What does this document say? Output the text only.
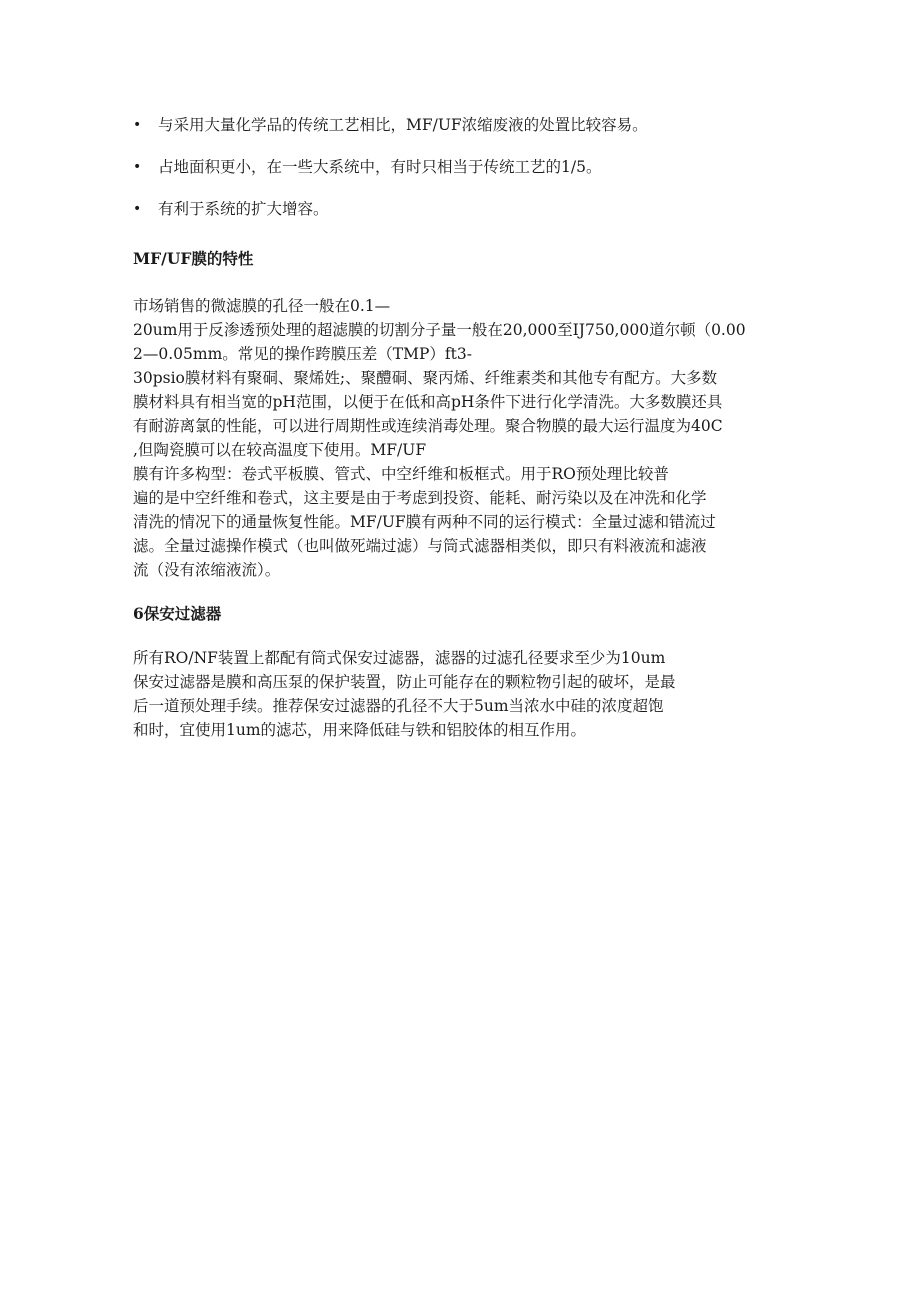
• 与采用大量化学品的传统工艺相比，MF/UF浓缩废液的处置比较容易。
• 占地面积更小，在一些大系统中，有时只相当于传统工艺的1/5。
• 有利于系统的扩大增容。
MF/UF膜的特性
市场销售的微滤膜的孔径一般在0.1—
20um用于反渗透预处理的超滤膜的切割分子量一般在20,000至IJ750,000道尔顿（0.00
2—0.05mm。常见的操作跨膜压差（TMP）ft3-
30psio膜材料有聚硐、聚烯姓;、聚醴硐、聚丙烯、纤维素类和其他专有配方。大多数
膜材料具有相当宽的pH范围，以便于在低和高pH条件下进行化学清洗。大多数膜还具
有耐游离氯的性能，可以进行周期性或连续消毒处理。聚合物膜的最大运行温度为40C
,但陶瓷膜可以在较高温度下使用。MF/UF
膜有许多构型：卷式平板膜、管式、中空纤维和板框式。用于RO预处理比较普
遍的是中空纤维和卷式，这主要是由于考虑到投资、能耗、耐污染以及在冲洗和化学
清洗的情况下的通量恢复性能。MF/UF膜有两种不同的运行模式：全量过滤和错流过
滤。全量过滤操作模式（也叫做死端过滤）与筒式滤器相类似，即只有料液流和滤液
流（没有浓缩液流）。
6保安过滤器
所有RO/NF装置上都配有筒式保安过滤器，滤器的过滤孔径要求至少为10um
保安过滤器是膜和高压泵的保护装置，防止可能存在的颗粒物引起的破坏，是最
后一道预处理手续。推荐保安过滤器的孔径不大于5um当浓水中硅的浓度超饱
和时，宜使用1um的滤芯，用来降低硅与铁和铝胶体的相互作用。
